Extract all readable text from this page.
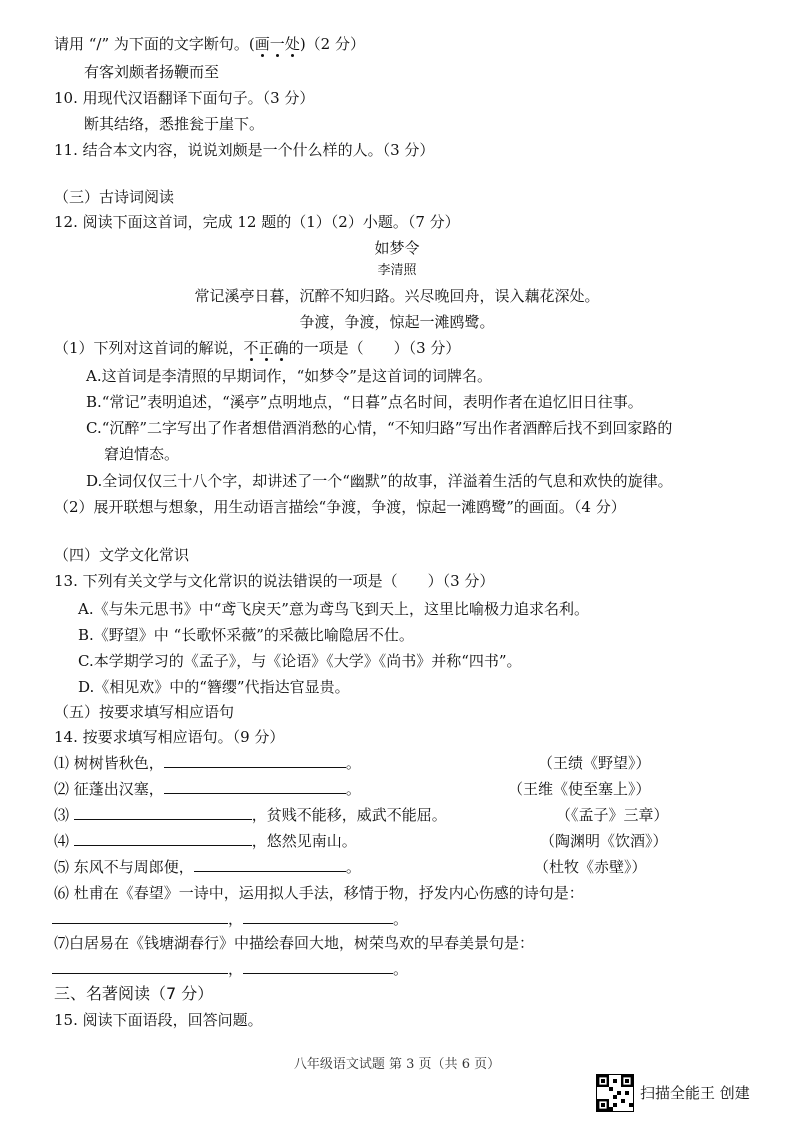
请用 “/” 为下面的文字断句。(画一处)（2 分）
有客刘颇者扬鞭而至
10. 用现代汉语翻译下面句子。（3 分）
断其结络，悉推瓮于崖下。
11. 结合本文内容，说说刘颇是一个什么样的人。（3 分）
（三）古诗词阅读
12. 阅读下面这首词，完成 12 题的（1）（2）小题。（7 分）
如梦令
李清照
常记溪亭日暮，沉醉不知归路。兴尽晚回舟，误入藕花深处。
争渡，争渡，惊起一滩鸥鹭。
（1）下列对这首词的解说，不正确的一项是（　　）（3 分）
A.这首词是李清照的早期词作，“如梦令”是这首词的词牌名。
B.“常记”表明追述，“溪亭”点明地点，“日暮”点名时间，表明作者在追忆旧日往事。
C.“沉醉”二字写出了作者想借酒消愁的心情，“不知归路”写出作者酒醉后找不到回家路的
窘迫情态。
D.全词仅仅三十八个字，却讲述了一个“幽默”的故事，洋溢着生活的气息和欢快的旋律。
（2）展开联想与想象，用生动语言描绘“争渡，争渡，惊起一滩鸥鹭”的画面。（4 分）
（四）文学文化常识
13. 下列有关文学与文化常识的说法错误的一项是（　　）（3 分）
A.《与朱元思书》中“鸢飞戾天”意为鸢鸟飞到天上，这里比喻极力追求名利。
B.《野望》中 “长歌怀采薇”的采薇比喻隐居不仕。
C.本学期学习的《孟子》，与《论语》《大学》《尚书》并称“四书”。
D.《相见欢》中的“簪缨”代指达官显贵。
（五）按要求填写相应语句
14. 按要求填写相应语句。（9 分）
⑴ 树树皆秋色，	。	（王绩《野望》）
⑵ 征蓬出汉塞，	。	（王维《使至塞上》）
⑶	，贫贱不能移，威武不能屈。	（《孟子》三章）
⑷	，悠然见南山。	（陶渊明《饮酒》）
⑸ 东风不与周郎便，	。	（杜牧《赤壁》）
⑹ 杜甫在《春望》一诗中，运用拟人手法，移情于物，抒发内心伤感的诗句是：
，	。
⑺白居易在《钱塘湖春行》中描绘春回大地，树荣鸟欢的早春美景句是：
，	。
三、名著阅读（7 分）
15. 阅读下面语段，回答问题。
八年级语文试题 第 3 页（共 6 页）
扫描全能王 创建
